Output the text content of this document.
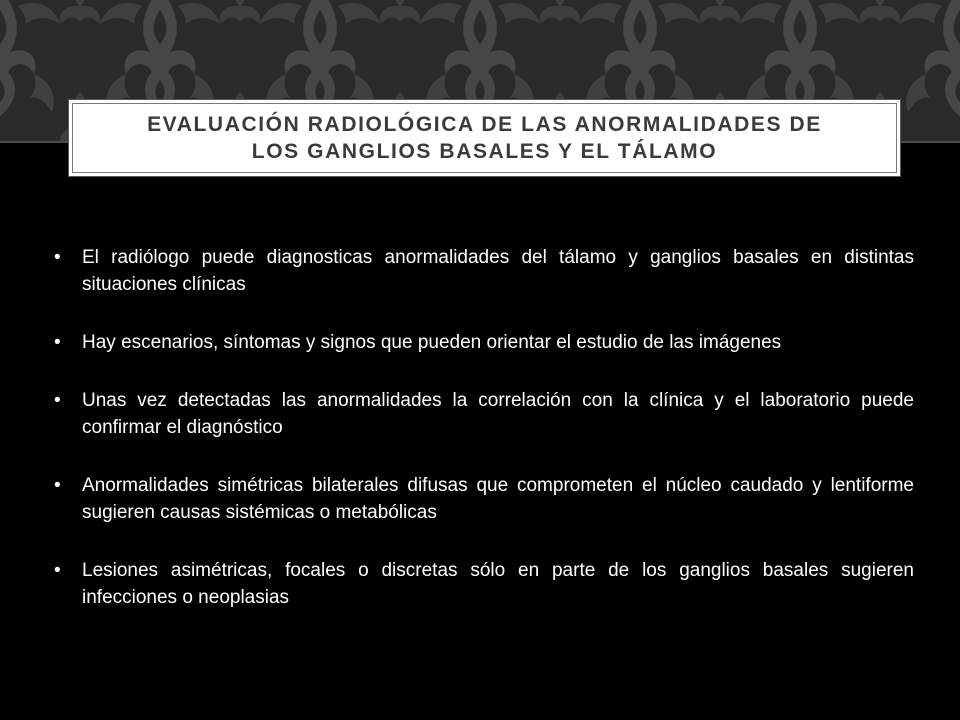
EVALUACIÓN RADIOLÓGICA DE LAS ANORMALIDADES DE
LOS GANGLIOS BASALES Y EL TÁLAMO
• El radiólogo puede diagnosticas anormalidades del tálamo y ganglios basales en distintas situaciones clínicas
• Hay escenarios, síntomas y signos que pueden orientar el estudio de las imágenes
• Unas vez detectadas las anormalidades la correlación con la clínica y el laboratorio puede confirmar el diagnóstico
• Anormalidades simétricas bilaterales difusas que comprometen el núcleo caudado y lentiforme sugieren causas sistémicas o metabólicas
• Lesiones asimétricas, focales o discretas sólo en parte de los ganglios basales sugieren infecciones o neoplasias
